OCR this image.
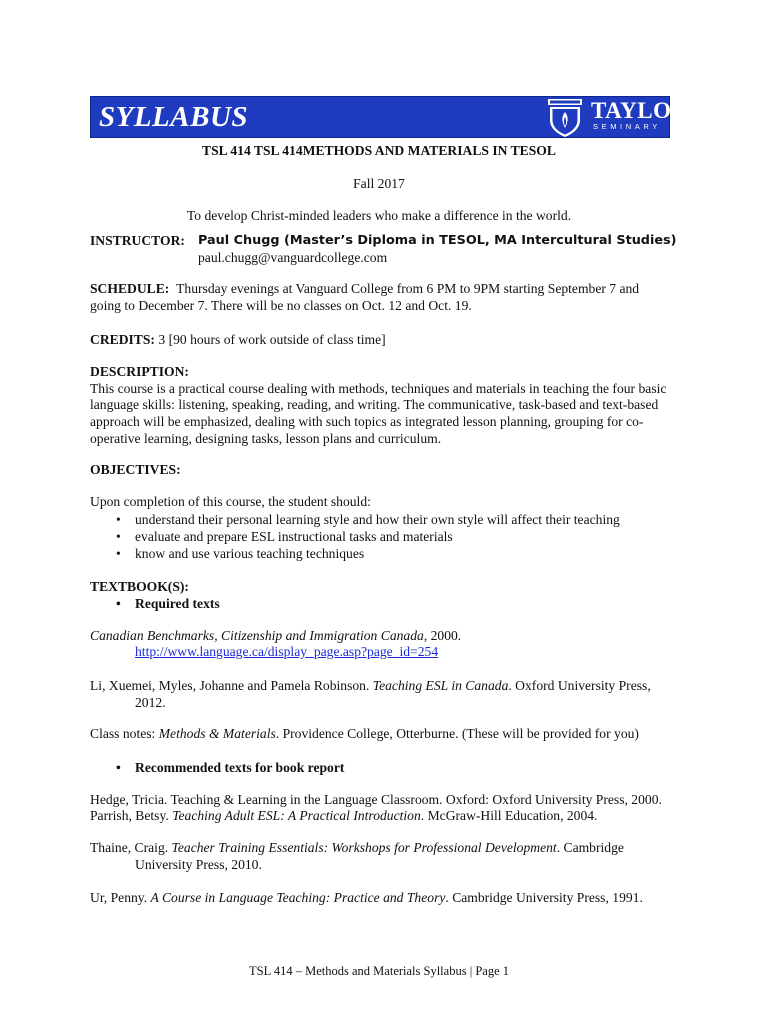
SYLLABUS	TAYLOR
SEMINARY
TSL 414 TSL 414METHODS AND MATERIALS IN TESOL
Fall 2017
To develop Christ-minded leaders who make a difference in the world.
INSTRUCTOR: Paul Chugg (Master’s Diploma in TESOL, MA Intercultural Studies)
paul.chugg@vanguardcollege.com
SCHEDULE: Thursday evenings at Vanguard College from 6 PM to 9PM starting September 7 and
going to December 7. There will be no classes on Oct. 12 and Oct. 19.
CREDITS: 3 [90 hours of work outside of class time]
DESCRIPTION:
This course is a practical course dealing with methods, techniques and materials in teaching the four basic
language skills: listening, speaking, reading, and writing. The communicative, task-based and text-based
approach will be emphasized, dealing with such topics as integrated lesson planning, grouping for co-
operative learning, designing tasks, lesson plans and curriculum.
OBJECTIVES:
Upon completion of this course, the student should:
• understand their personal learning style and how their own style will affect their teaching
• evaluate and prepare ESL instructional tasks and materials
• know and use various teaching techniques
TEXTBOOK(S):
• Required texts
Canadian Benchmarks, Citizenship and Immigration Canada, 2000.
http://www.language.ca/display_page.asp?page_id=254
Li, Xuemei, Myles, Johanne and Pamela Robinson. Teaching ESL in Canada. Oxford University Press,
2012.
Class notes: Methods & Materials. Providence College, Otterburne. (These will be provided for you)
• Recommended texts for book report
Hedge, Tricia. Teaching & Learning in the Language Classroom. Oxford: Oxford University Press, 2000.
Parrish, Betsy. Teaching Adult ESL: A Practical Introduction. McGraw-Hill Education, 2004.
Thaine, Craig. Teacher Training Essentials: Workshops for Professional Development. Cambridge
University Press, 2010.
Ur, Penny. A Course in Language Teaching: Practice and Theory. Cambridge University Press, 1991.
TSL 414 – Methods and Materials Syllabus | Page 1
